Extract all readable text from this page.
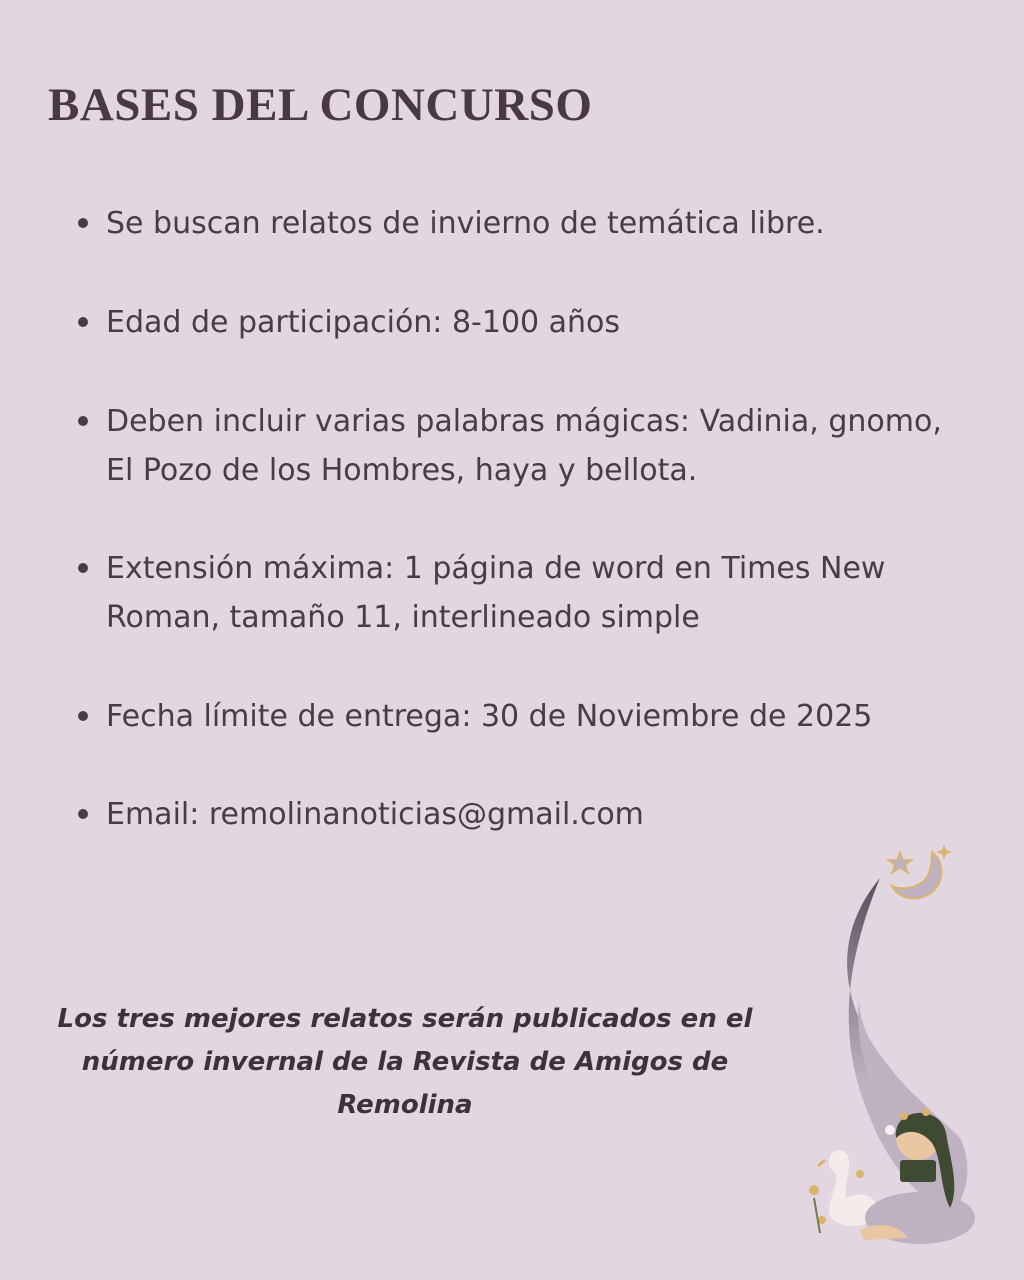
BASES DEL CONCURSO
Se buscan relatos de invierno de temática libre.
Edad de participación: 8-100 años
Deben incluir varias palabras mágicas: Vadinia, gnomo,
El Pozo de los Hombres, haya y bellota.
Extensión máxima: 1 página de word en Times New
Roman, tamaño 11, interlineado simple
Fecha límite de entrega: 30 de Noviembre de 2025
Email: remolinanoticias@gmail.com

Los tres mejores relatos serán publicados en el
número invernal de la Revista de Amigos de
Remolina
